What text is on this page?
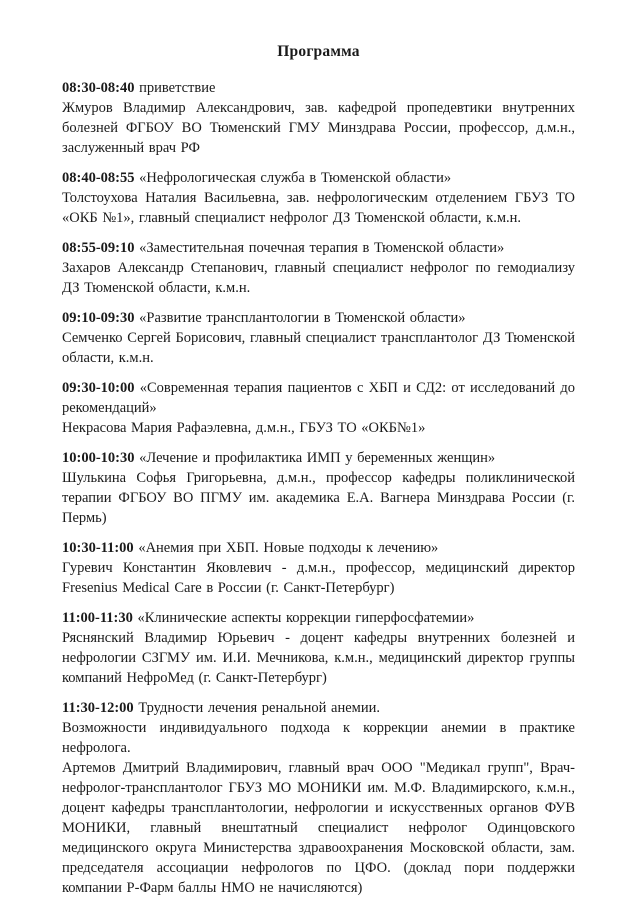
Программа
08:30-08:40 приветствие

Жмуров Владимир Александрович, зав. кафедрой пропедевтики внутренних болезней ФГБОУ ВО Тюменский ГМУ Минздрава России, профессор, д.м.н., заслуженный врач РФ

08:40-08:55 «Нефрологическая служба в Тюменской области»

Толстоухова Наталия Васильевна, зав. нефрологическим отделением ГБУЗ ТО «ОКБ №1», главный специалист нефролог ДЗ Тюменской области, к.м.н.

08:55-09:10 «Заместительная почечная терапия в Тюменской области»

Захаров Александр Степанович, главный специалист нефролог по гемодиализу ДЗ Тюменской области, к.м.н.

09:10-09:30 «Развитие трансплантологии в Тюменской области»

Семченко Сергей Борисович, главный специалист трансплантолог ДЗ Тюменской области, к.м.н.

09:30-10:00 «Современная терапия пациентов с ХБП и СД2: от исследований до рекомендаций»

Некрасова Мария Рафаэлевна, д.м.н., ГБУЗ ТО «ОКБ№1»

10:00-10:30 «Лечение и профилактика ИМП у беременных женщин»

Шулькина Софья Григорьевна, д.м.н., профессор кафедры поликлинической терапии ФГБОУ ВО ПГМУ им. академика Е.А. Вагнера Минздрава России (г. Пермь)

10:30-11:00 «Анемия при ХБП. Новые подходы к лечению»

Гуревич Константин Яковлевич - д.м.н., профессор, медицинский директор Fresenius Medical Care в России (г. Санкт-Петербург)

11:00-11:30 «Клинические аспекты коррекции гиперфосфатемии»

Ряснянский Владимир Юрьевич - доцент кафедры внутренних болезней и нефрологии СЗГМУ им. И.И. Мечникова, к.м.н., медицинский директор группы компаний НефроМед (г. Санкт-Петербург)

11:30-12:00 Трудности лечения ренальной анемии.

Возможности индивидуального подхода к коррекции анемии в практике нефролога.

Артемов Дмитрий Владимирович, главный врач ООО "Медикал групп", Врач-нефролог-трансплантолог ГБУЗ МО МОНИКИ им. М.Ф. Владимирского, к.м.н., доцент кафедры трансплантологии, нефрологии и искусственных органов ФУВ МОНИКИ, главный внештатный специалист нефролог Одинцовского медицинского округа Министерства здравоохранения Московской области, зам. председателя ассоциации нефрологов по ЦФО. (доклад пори поддержки компании Р-Фарм баллы НМО не начисляются)
